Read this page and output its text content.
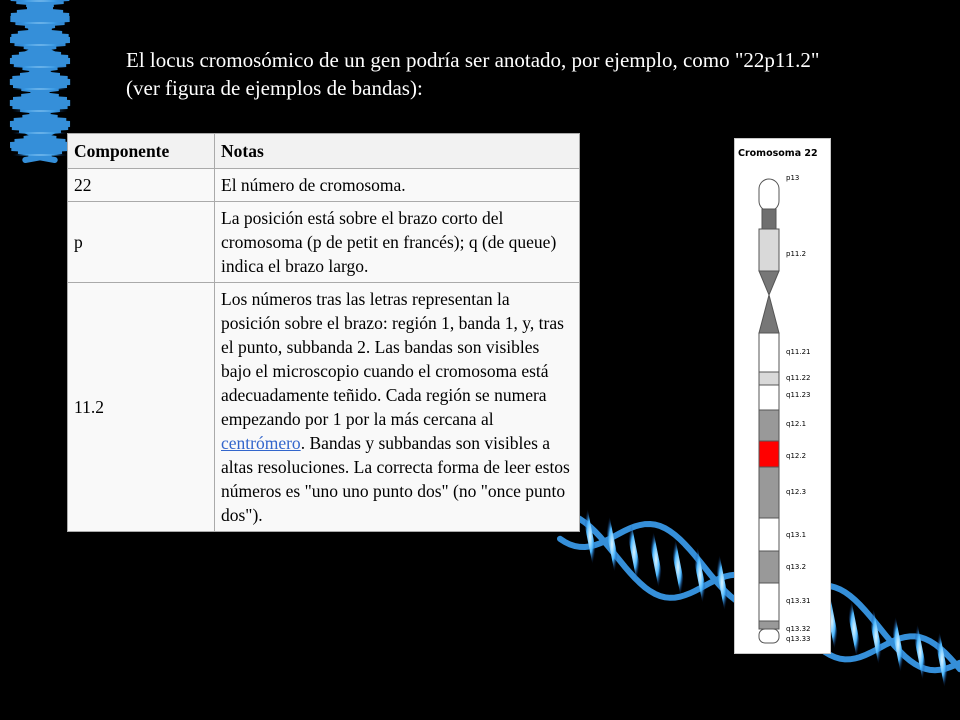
El locus cromosómico de un gen podría ser anotado, por ejemplo, como "22p11.2" (ver figura de ejemplos de bandas):
Componente	Notas
22	El número de cromosoma.
p	La posición está sobre el brazo corto del cromosoma (p de petit en francés); q (de queue) indica el brazo largo.
11.2	Los números tras las letras representan la posición sobre el brazo: región 1, banda 1, y, tras el punto, subbanda 2. Las bandas son visibles bajo el microscopio cuando el cromosoma está adecuadamente teñido. Cada región se numera empezando por 1 por la más cercana al centrómero. Bandas y subbandas son visibles a altas resoluciones. La correcta forma de leer estos números es "uno uno punto dos" (no "once punto dos").
Cromosoma 22
p13
p11.2
q11.21
q11.22
q11.23
q12.1
q12.2
q12.3
q13.1
q13.2
q13.31
q13.32
q13.33
